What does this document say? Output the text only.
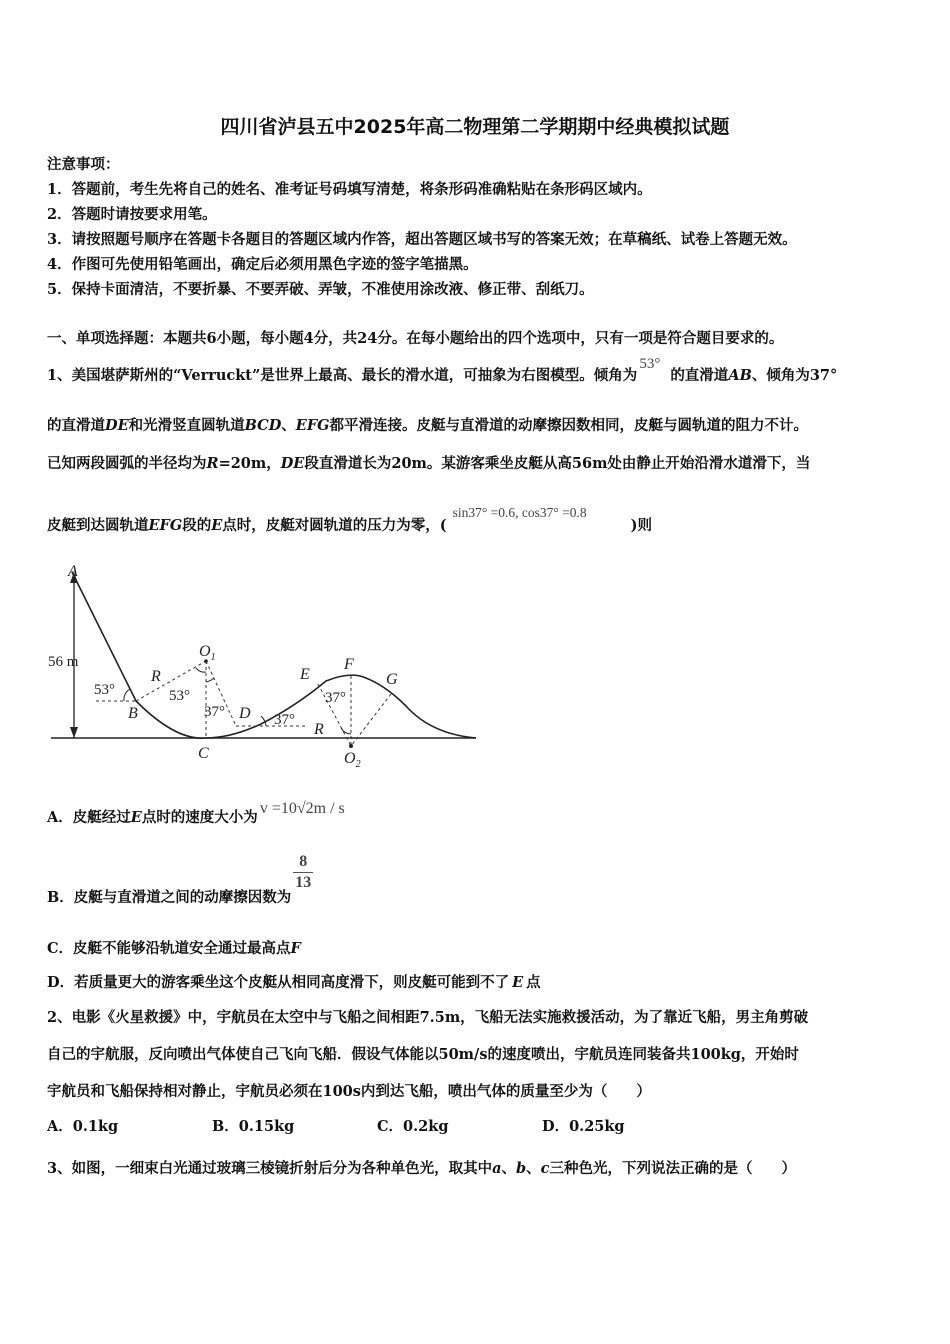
四川省泸县五中2025年高二物理第二学期期中经典模拟试题
注意事项：
1．答题前，考生先将自己的姓名、准考证号码填写清楚，将条形码准确粘贴在条形码区域内。
2．答题时请按要求用笔。
3．请按照题号顺序在答题卡各题目的答题区域内作答，超出答题区域书写的答案无效；在草稿纸、试卷上答题无效。
4．作图可先使用铅笔画出，确定后必须用黑色字迹的签字笔描黑。
5．保持卡面清洁，不要折暴、不要弄破、弄皱，不准使用涂改液、修正带、刮纸刀。
一、单项选择题：本题共6小题，每小题4分，共24分。在每小题给出的四个选项中，只有一项是符合题目要求的。
1、美国堪萨斯州的“Verruckt”是世界上最高、最长的滑水道，可抽象为右图模型。倾角为53°的直滑道AB、倾角为37°
的直滑道DE和光滑竖直圆轨道BCD、EFG都平滑连接。皮艇与直滑道的动摩擦因数相同，皮艇与圆轨道的阻力不计。
已知两段圆弧的半径均为R=20m，DE段直滑道长为20m。某游客乘坐皮艇从高56m处由静止开始沿滑水道滑下，当
皮艇到达圆轨道EFG段的E点时，皮艇对圆轨道的压力为零，(sin37° =0.6, cos37° =0.8)则
A
B
C
D
E
F
G
R
R
$O_1$
$O_2$
56 m
53°	53°
37°	37°
37°
A．皮艇经过E点时的速度大小为v =10√2m / s
B．皮艇与直滑道之间的动摩擦因数为
$\frac{8}{13}$
C．皮艇不能够沿轨道安全通过最高点F
D．若质量更大的游客乘坐这个皮艇从相同高度滑下，则皮艇可能到不了 E 点
2、电影《火星救援》中，宇航员在太空中与飞船之间相距7.5m，飞船无法实施救援活动，为了靠近飞船，男主角剪破
自己的宇航服，反向喷出气体使自己飞向飞船．假设气体能以50m/s的速度喷出，宇航员连同装备共100kg，开始时
宇航员和飞船保持相对静止，宇航员必须在100s内到达飞船，喷出气体的质量至少为（　　）
A．0.1kg	B．0.15kg	C．0.2kg	D．0.25kg
3、如图，一细束白光通过玻璃三棱镜折射后分为各种单色光，取其中a、b、c三种色光，下列说法正确的是（　　）
